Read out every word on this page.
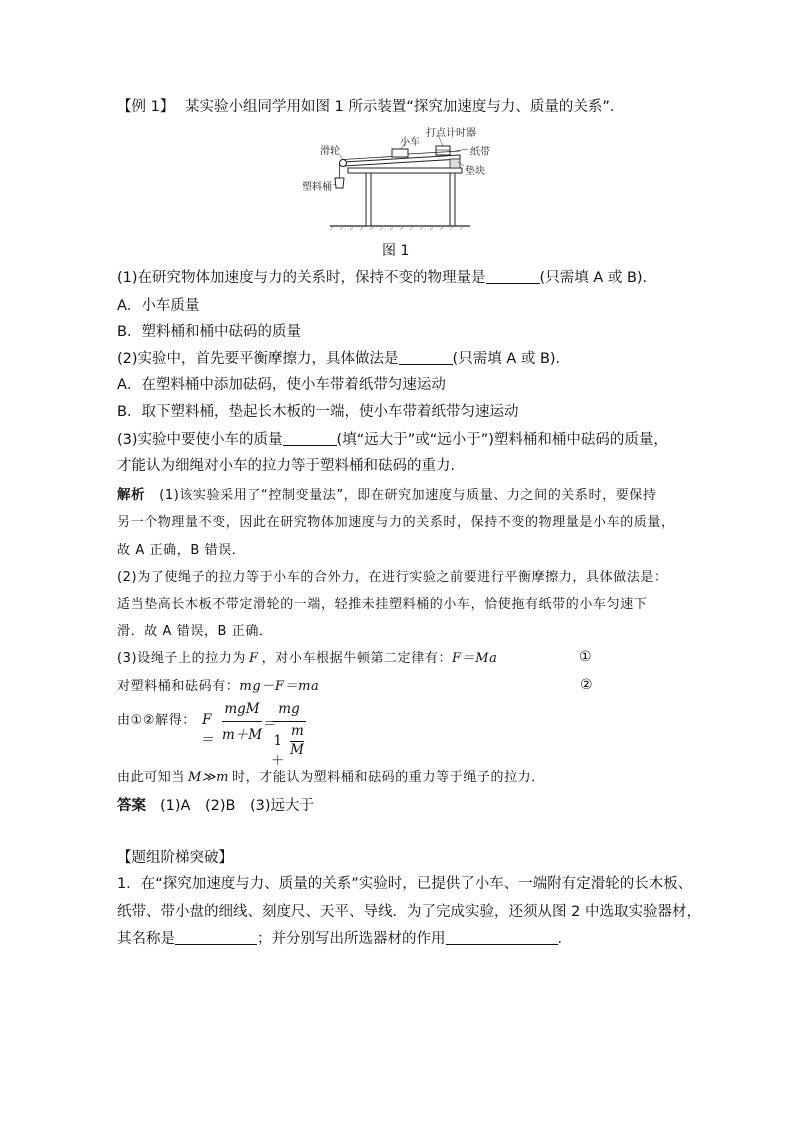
【例 1】 某实验小组同学用如图 1 所示装置“探究加速度与力、质量的关系”.
滑轮
小车
打点计时器
纸带
垫块
塑料桶
图 1
(1)在研究物体加速度与力的关系时，保持不变的物理量是	(只需填 A 或 B)．
A．小车质量
B．塑料桶和桶中砝码的质量
(2)实验中，首先要平衡摩擦力，具体做法是	(只需填 A 或 B)．
A．在塑料桶中添加砝码，使小车带着纸带匀速运动
B．取下塑料桶，垫起长木板的一端，使小车带着纸带匀速运动
(3)实验中要使小车的质量	(填“远大于”或“远小于”)塑料桶和桶中砝码的质量，
才能认为细绳对小车的拉力等于塑料桶和砝码的重力．
解析 (1)该实验采用了“控制变量法”，即在研究加速度与质量、力之间的关系时，要保持
另一个物理量不变，因此在研究物体加速度与力的关系时，保持不变的物理量是小车的质量，
故 A 正确，B 错误．
(2)为了使绳子的拉力等于小车的合外力，在进行实验之前要进行平衡摩擦力，具体做法是：
适当垫高长木板不带定滑轮的一端，轻推未挂塑料桶的小车，恰使拖有纸带的小车匀速下
滑．故 A 错误，B 正确．
(3)设绳子上的拉力为 F ，对小车根据牛顿第二定律有：F＝Ma	①
对塑料桶和砝码有：mg－F＝ma	②
由①②解得： F＝
mgM
m＋M
＝
mg
1＋
m
M
由此可知当 M≫m 时，才能认为塑料桶和砝码的重力等于绳子的拉力．
答案 (1)A　(2)B　(3)远大于
【题组阶梯突破】
1．在“探究加速度与力、质量的关系”实验时，已提供了小车、一端附有定滑轮的长木板、
纸带、带小盘的细线、刻度尺、天平、导线．为了完成实验，还须从图 2 中选取实验器材，
其名称是	；并分别写出所选器材的作用	．
